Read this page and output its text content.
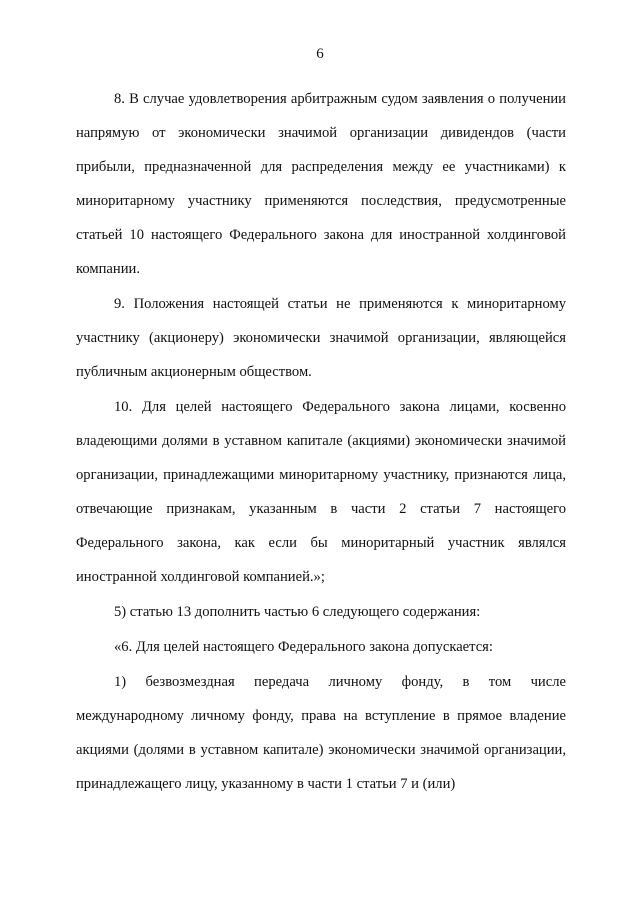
6

8. В случае удовлетворения арбитражным судом заявления о получении напрямую от экономически значимой организации дивидендов (части прибыли, предназначенной для распределения между ее участниками) к миноритарному участнику применяются последствия, предусмотренные статьей 10 настоящего Федерального закона для иностранной холдинговой компании.

9. Положения настоящей статьи не применяются к миноритарному участнику (акционеру) экономически значимой организации, являющейся публичным акционерным обществом.

10. Для целей настоящего Федерального закона лицами, косвенно владеющими долями в уставном капитале (акциями) экономически значимой организации, принадлежащими миноритарному участнику, признаются лица, отвечающие признакам, указанным в части 2 статьи 7 настоящего Федерального закона, как если бы миноритарный участник являлся иностранной холдинговой компанией.»;

5) статью 13 дополнить частью 6 следующего содержания:

«6. Для целей настоящего Федерального закона допускается:

1) безвозмездная передача личному фонду, в том числе международному личному фонду, права на вступление в прямое владение акциями (долями в уставном капитале) экономически значимой организации, принадлежащего лицу, указанному в части 1 статьи 7 и (или)
